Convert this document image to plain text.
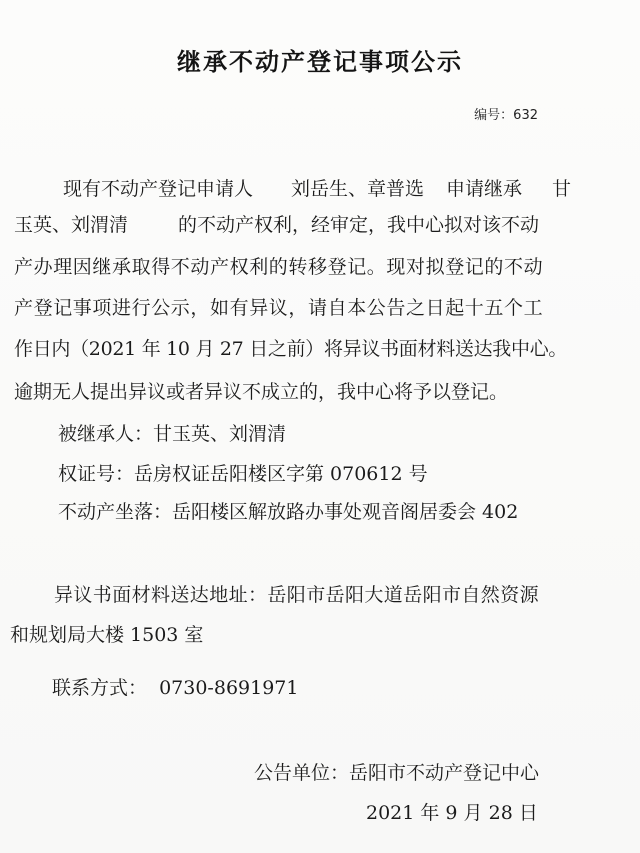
继承不动产登记事项公示
编号：632
现有不动产登记申请人 刘岳生、章普选 申请继承 甘
玉英、刘渭清	的不动产权利，经审定，我中心拟对该不动
产办理因继承取得不动产权利的转移登记。现对拟登记的不动
产登记事项进行公示，如有异议，请自本公告之日起十五个工
作日内（2021 年 10 月 27 日之前）将异议书面材料送达我中心。
逾期无人提出异议或者异议不成立的，我中心将予以登记。
被继承人：甘玉英、刘渭清
权证号：岳房权证岳阳楼区字第 070612 号
不动产坐落：岳阳楼区解放路办事处观音阁居委会 402
异议书面材料送达地址：岳阳市岳阳大道岳阳市自然资源
和规划局大楼 1503 室
联系方式：  0730-8691971
公告单位：岳阳市不动产登记中心
2021 年 9 月 28 日
